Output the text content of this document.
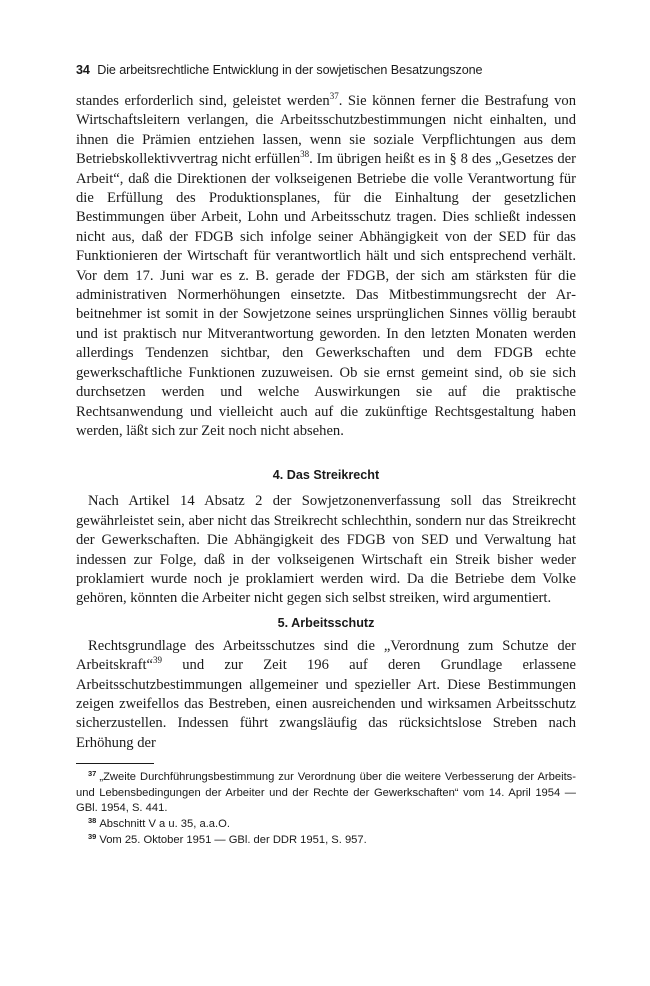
34 Die arbeitsrechtliche Entwicklung in der sowjetischen Besatzungszone

standes erforderlich sind, geleistet werden$^{37}$. Sie können ferner die Bestrafung von Wirtschaftsleitern verlangen, die Arbeitsschutzbestimmungen nicht einhalten, und ihnen die Prämien entziehen lassen, wenn sie soziale Verpflichtungen aus dem Betriebskollektivvertrag nicht erfüllen$^{38}$. Im übrigen heißt es in § 8 des „Gesetzes der Arbeit“, daß die Direktionen der volkseigenen Betriebe die volle Verantwortung für die Erfüllung des Produktionsplanes, für die Einhaltung der gesetzlichen Bestimmungen über Arbeit, Lohn und Arbeitsschutz tragen. Dies schließt indessen nicht aus, daß der FDGB sich infolge seiner Abhängigkeit von der SED für das Funktionieren der Wirtschaft für verantwortlich hält und sich entsprechend verhält. Vor dem 17. Juni war es z. B. gerade der FDGB, der sich am stärksten für die administrativen Normerhöhungen einsetzte. Das Mitbestimmungsrecht der Arbeitnehmer ist somit in der Sowjetzone seines ursprünglichen Sinnes völlig beraubt und ist praktisch nur Mitverantwortung geworden. In den letzten Monaten werden allerdings Tendenzen sichtbar, den Gewerkschaften und dem FDGB echte gewerkschaftliche Funktionen zuzuweisen. Ob sie ernst gemeint sind, ob sie sich durchsetzen werden und welche Auswirkungen sie auf die praktische Rechtsanwendung und vielleicht auch auf die zukünftige Rechtsgestaltung haben werden, läßt sich zur Zeit noch nicht absehen.

4. Das Streikrecht

Nach Artikel 14 Absatz 2 der Sowjetzonenverfassung soll das Streikrecht gewährleistet sein, aber nicht das Streikrecht schlechthin, sondern nur das Streikrecht der Gewerkschaften. Die Abhängigkeit des FDGB von SED und Verwaltung hat indessen zur Folge, daß in der volkseigenen Wirtschaft ein Streik bisher weder proklamiert wurde noch je proklamiert werden wird. Da die Betriebe dem Volke gehören, könnten die Arbeiter nicht gegen sich selbst streiken, wird argumentiert.

5. Arbeitsschutz

Rechtsgrundlage des Arbeitsschutzes sind die „Verordnung zum Schutze der Arbeitskraft“$^{39}$ und zur Zeit 196 auf deren Grundlage erlassene Arbeitsschutzbestimmungen allgemeiner und spezieller Art. Diese Bestimmungen zeigen zweifellos das Bestreben, einen ausreichenden und wirksamen Arbeitsschutz sicherzustellen. Indessen führt zwangsläufig das rücksichtslose Streben nach Erhöhung der

$^{37}$ „Zweite Durchführungsbestimmung zur Verordnung über die weitere Verbesserung der Arbeits- und Lebensbedingungen der Arbeiter und der Rechte der Gewerkschaften“ vom 14. April 1954 — GBl. 1954, S. 441.

$^{38}$ Abschnitt V a u. 35, a.a.O.

$^{39}$ Vom 25. Oktober 1951 — GBl. der DDR 1951, S. 957.
